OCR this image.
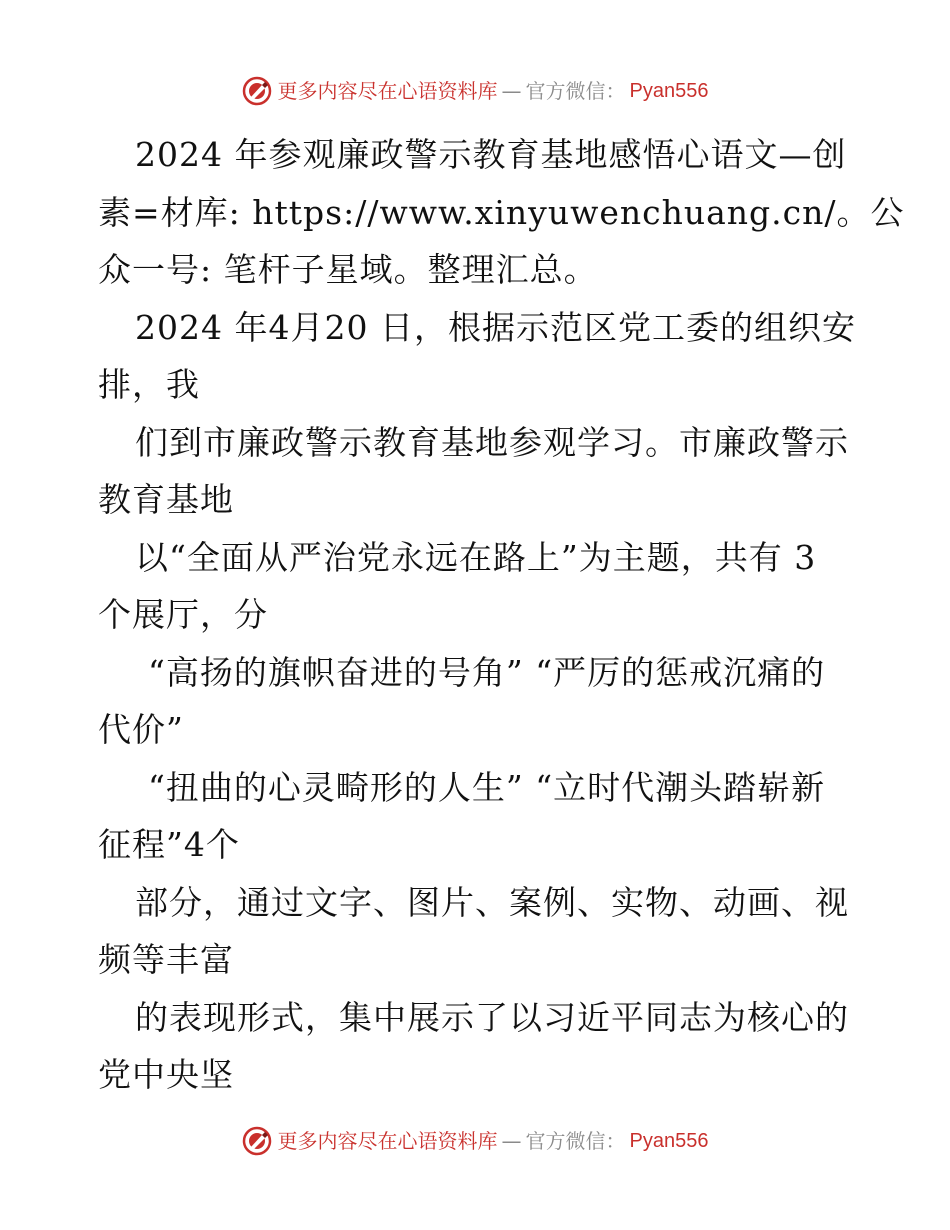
更多内容尽在心语资料库 — 官方微信： Pyan556
2024 年参观廉政警示教育基地感悟心语文—创
素=材库: https://www.xinyuwenchuang.cn/。公
众一号: 笔杆子星域。整理汇总。
2024 年4月20 日，根据示范区党工委的组织安
排，我
们到市廉政警示教育基地参观学习。市廉政警示
教育基地
以“全面从严治党永远在路上”为主题，共有 3
个展厅，分
“高扬的旗帜奋进的号角” “严厉的惩戒沉痛的
代价”
“扭曲的心灵畸形的人生” “立时代潮头踏崭新
征程”4个
部分，通过文字、图片、案例、实物、动画、视
频等丰富
的表现形式，集中展示了以习近平同志为核心的
党中央坚
更多内容尽在心语资料库 — 官方微信： Pyan556
